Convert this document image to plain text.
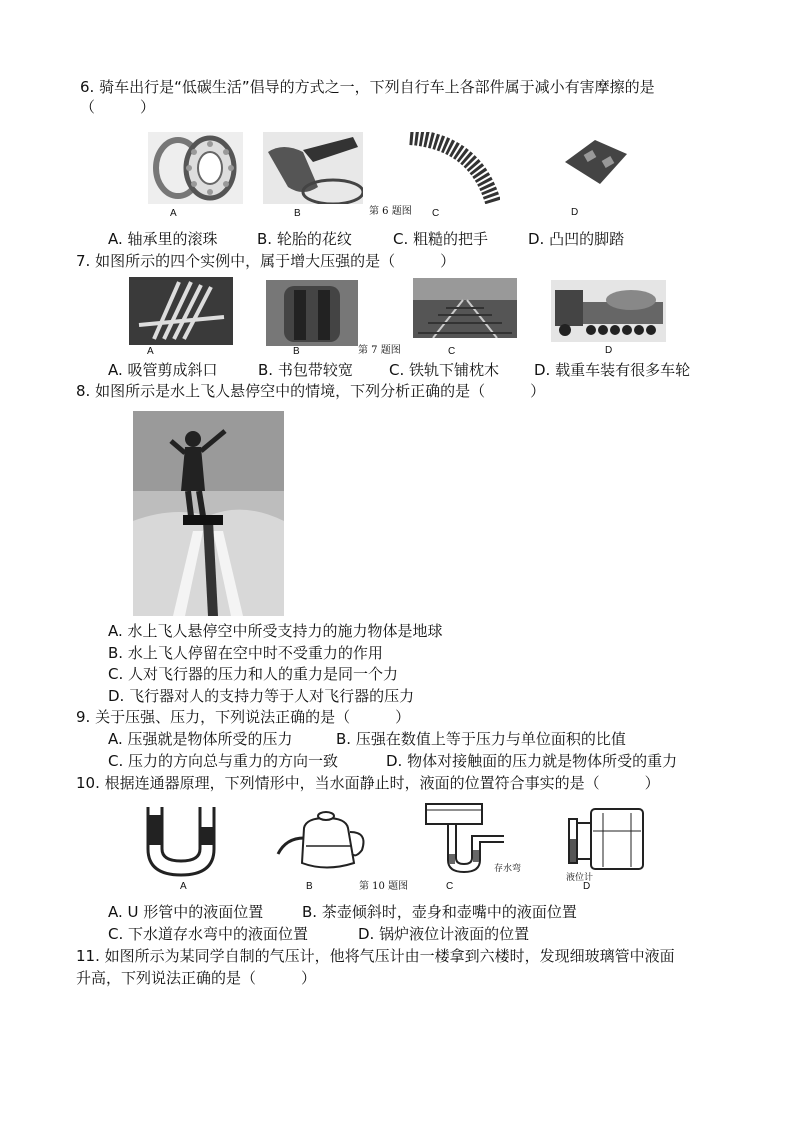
6. 骑车出行是“低碳生活”倡导的方式之一，下列自行车上各部件属于减小有害摩擦的是
（　　　）
A	B	第 6 题图 C	D
A. 轴承里的滚珠	B. 轮胎的花纹	C. 粗糙的把手	D. 凸凹的脚踏
7. 如图所示的四个实例中，属于增大压强的是（　　　）
A	B	第 7 题图	C	D
A. 吸管剪成斜口	B. 书包带较宽 C. 铁轨下铺枕木 D. 载重车装有很多车轮
8. 如图所示是水上飞人悬停空中的情境，下列分析正确的是（　　　）
A. 水上飞人悬停空中所受支持力的施力物体是地球
B. 水上飞人停留在空中时不受重力的作用
C. 人对飞行器的压力和人的重力是同一个力
D. 飞行器对人的支持力等于人对飞行器的压力
9. 关于压强、压力，下列说法正确的是（　　　）
A. 压强就是物体所受的压力	B. 压强在数值上等于压力与单位面积的比值
C. 压力的方向总与重力的方向一致	D. 物体对接触面的压力就是物体所受的重力
10. 根据连通器原理，下列情形中，当水面静止时，液面的位置符合事实的是（　　　）
存水弯
液位计
A	B	第 10 题图	C	D
A. U 形管中的液面位置	B. 茶壶倾斜时，壶身和壶嘴中的液面位置
C. 下水道存水弯中的液面位置	D. 锅炉液位计液面的位置
11. 如图所示为某同学自制的气压计，他将气压计由一楼拿到六楼时，发现细玻璃管中液面
升高，下列说法正确的是（　　　）
